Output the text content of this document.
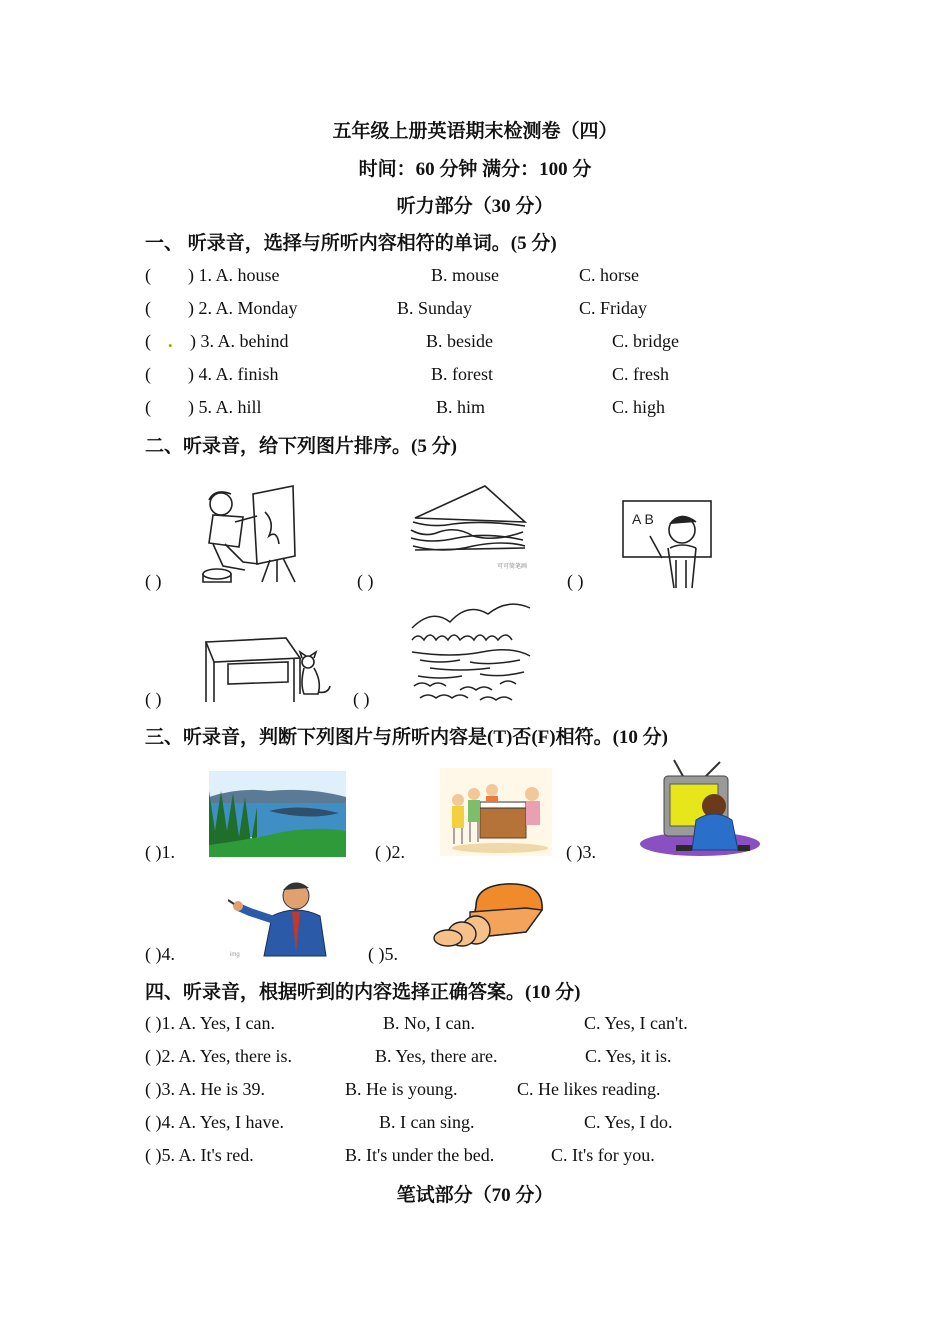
五年级上册英语期末检测卷（四）
时间：60 分钟 满分：100 分
听力部分（30 分）
一、 听录音，选择与所听内容相符的单词。(5 分)
( ) 1. A. house	B. mouse	C. horse
( ) 2. A. Monday	B. Sunday	C. Friday
( . ) 3. A. behind	B. beside	C. bridge
( ) 4. A. finish	B. forest	C. fresh
( ) 5. A. hill	B. him	C. high
二、听录音，给下列图片排序。(5 分)
( )	( )	( )
( )	( )
可可简笔画
A B
三、听录音，判断下列图片与所听内容是(T)否(F)相符。(10 分)
( )1.	( )2.	( )3.
( )4.	( )5.
img
四、听录音，根据听到的内容选择正确答案。(10 分)
( )1. A. Yes, I can.	B. No, I can.	C. Yes, I can't.
( )2. A. Yes, there is.	B. Yes, there are.	C. Yes, it is.
( )3. A. He is 39.	B. He is young.	C. He likes reading.
( )4. A. Yes, I have.	B. I can sing.	C. Yes, I do.
( )5. A. It's red.	B. It's under the bed.	C. It's for you.
笔试部分（70 分）
